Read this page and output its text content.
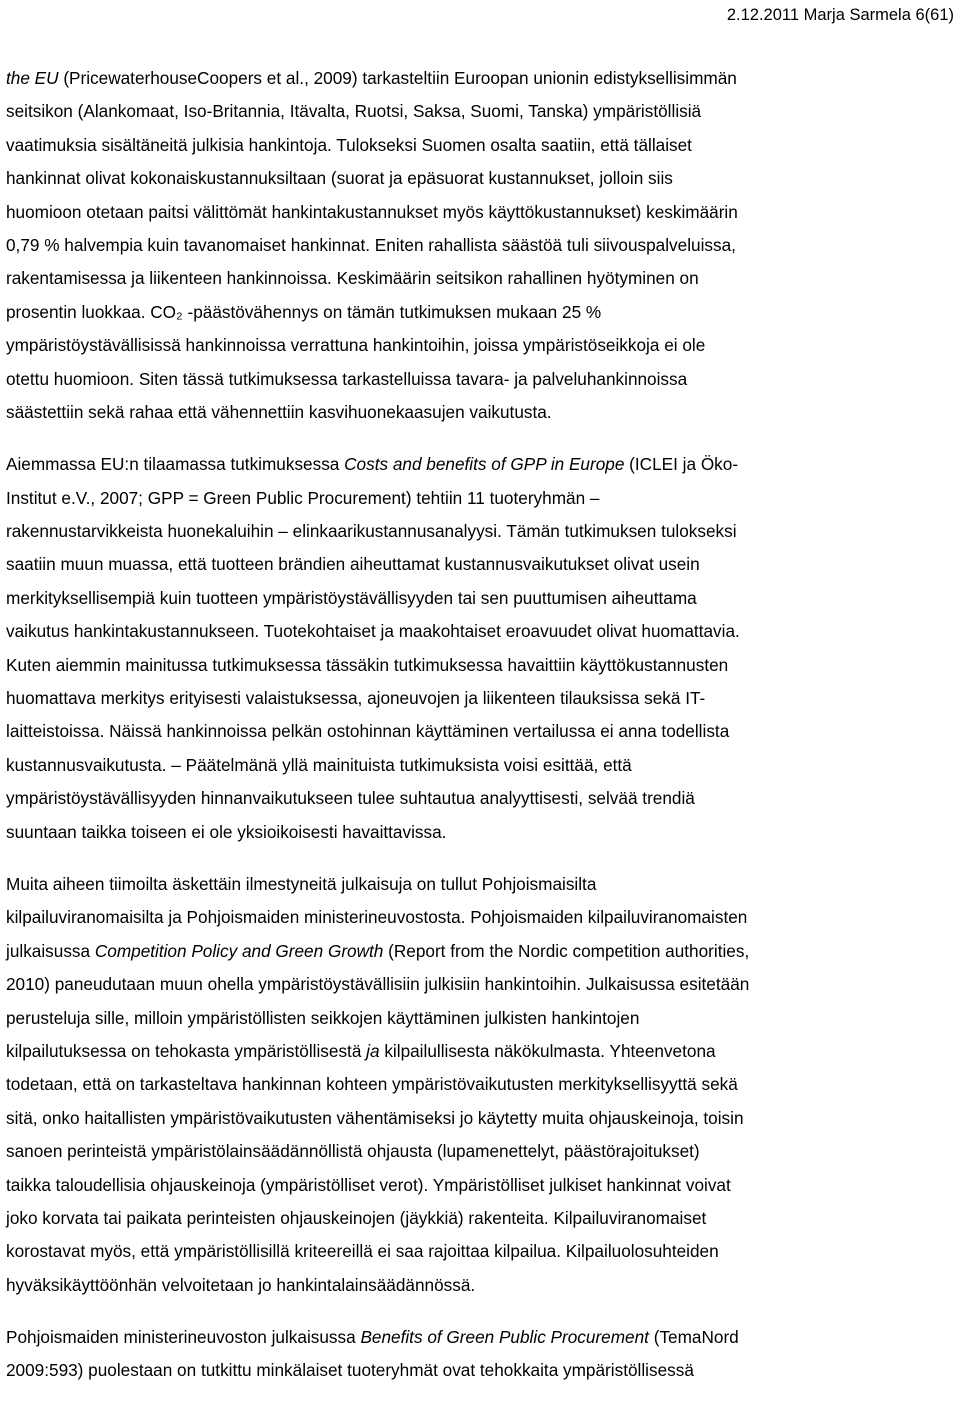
2.12.2011 Marja Sarmela 6(61)
the EU (PricewaterhouseCoopers et al., 2009) tarkasteltiin Euroopan unionin edistyksellisimmän
seitsikon (Alankomaat, Iso-Britannia, Itävalta, Ruotsi, Saksa, Suomi, Tanska) ympäristöllisiä
vaatimuksia sisältäneitä julkisia hankintoja. Tulokseksi Suomen osalta saatiin, että tällaiset
hankinnat olivat kokonaiskustannuksiltaan (suorat ja epäsuorat kustannukset, jolloin siis
huomioon otetaan paitsi välittömät hankintakustannukset myös käyttökustannukset) keskimäärin
0,79 % halvempia kuin tavanomaiset hankinnat. Eniten rahallista säästöä tuli siivouspalveluissa,
rakentamisessa ja liikenteen hankinnoissa. Keskimäärin seitsikon rahallinen hyötyminen on
prosentin luokkaa. CO₂ -päästövähennys on tämän tutkimuksen mukaan 25 %
ympäristöystävällisissä hankinnoissa verrattuna hankintoihin, joissa ympäristöseikkoja ei ole
otettu huomioon. Siten tässä tutkimuksessa tarkastelluissa tavara- ja palveluhankinnoissa
säästettiin sekä rahaa että vähennettiin kasvihuonekaasujen vaikutusta.
Aiemmassa EU:n tilaamassa tutkimuksessa Costs and benefits of GPP in Europe (ICLEI ja Öko-
Institut e.V., 2007; GPP = Green Public Procurement) tehtiin 11 tuoteryhmän –
rakennustarvikkeista huonekaluihin – elinkaarikustannusanalyysi. Tämän tutkimuksen tulokseksi
saatiin muun muassa, että tuotteen brändien aiheuttamat kustannusvaikutukset olivat usein
merkityksellisempiä kuin tuotteen ympäristöystävällisyyden tai sen puuttumisen aiheuttama
vaikutus hankintakustannukseen. Tuotekohtaiset ja maakohtaiset eroavuudet olivat huomattavia.
Kuten aiemmin mainitussa tutkimuksessa tässäkin tutkimuksessa havaittiin käyttökustannusten
huomattava merkitys erityisesti valaistuksessa, ajoneuvojen ja liikenteen tilauksissa sekä IT-
laitteistoissa. Näissä hankinnoissa pelkän ostohinnan käyttäminen vertailussa ei anna todellista
kustannusvaikutusta. – Päätelmänä yllä mainituista tutkimuksista voisi esittää, että
ympäristöystävällisyyden hinnanvaikutukseen tulee suhtautua analyyttisesti, selvää trendiä
suuntaan taikka toiseen ei ole yksioikoisesti havaittavissa.
Muita aiheen tiimoilta äskettäin ilmestyneitä julkaisuja on tullut Pohjoismaisilta
kilpailuviranomaisilta ja Pohjoismaiden ministerineuvostosta. Pohjoismaiden kilpailuviranomaisten
julkaisussa Competition Policy and Green Growth (Report from the Nordic competition authorities,
2010) paneudutaan muun ohella ympäristöystävällisiin julkisiin hankintoihin. Julkaisussa esitetään
perusteluja sille, milloin ympäristöllisten seikkojen käyttäminen julkisten hankintojen
kilpailutuksessa on tehokasta ympäristöllisestä ja kilpailullisesta näkökulmasta. Yhteenvetona
todetaan, että on tarkasteltava hankinnan kohteen ympäristövaikutusten merkityksellisyyttä sekä
sitä, onko haitallisten ympäristövaikutusten vähentämiseksi jo käytetty muita ohjauskeinoja, toisin
sanoen perinteistä ympäristölainsäädännöllistä ohjausta (lupamenettelyt, päästörajoitukset)
taikka taloudellisia ohjauskeinoja (ympäristölliset verot). Ympäristölliset julkiset hankinnat voivat
joko korvata tai paikata perinteisten ohjauskeinojen (jäykkiä) rakenteita. Kilpailuviranomaiset
korostavat myös, että ympäristöllisillä kriteereillä ei saa rajoittaa kilpailua. Kilpailuolosuhteiden
hyväksikäyttöönhän velvoitetaan jo hankintalainsäädännössä.
Pohjoismaiden ministerineuvoston julkaisussa Benefits of Green Public Procurement (TemaNord
2009:593) puolestaan on tutkittu minkälaiset tuoteryhmät ovat tehokkaita ympäristöllisessä
